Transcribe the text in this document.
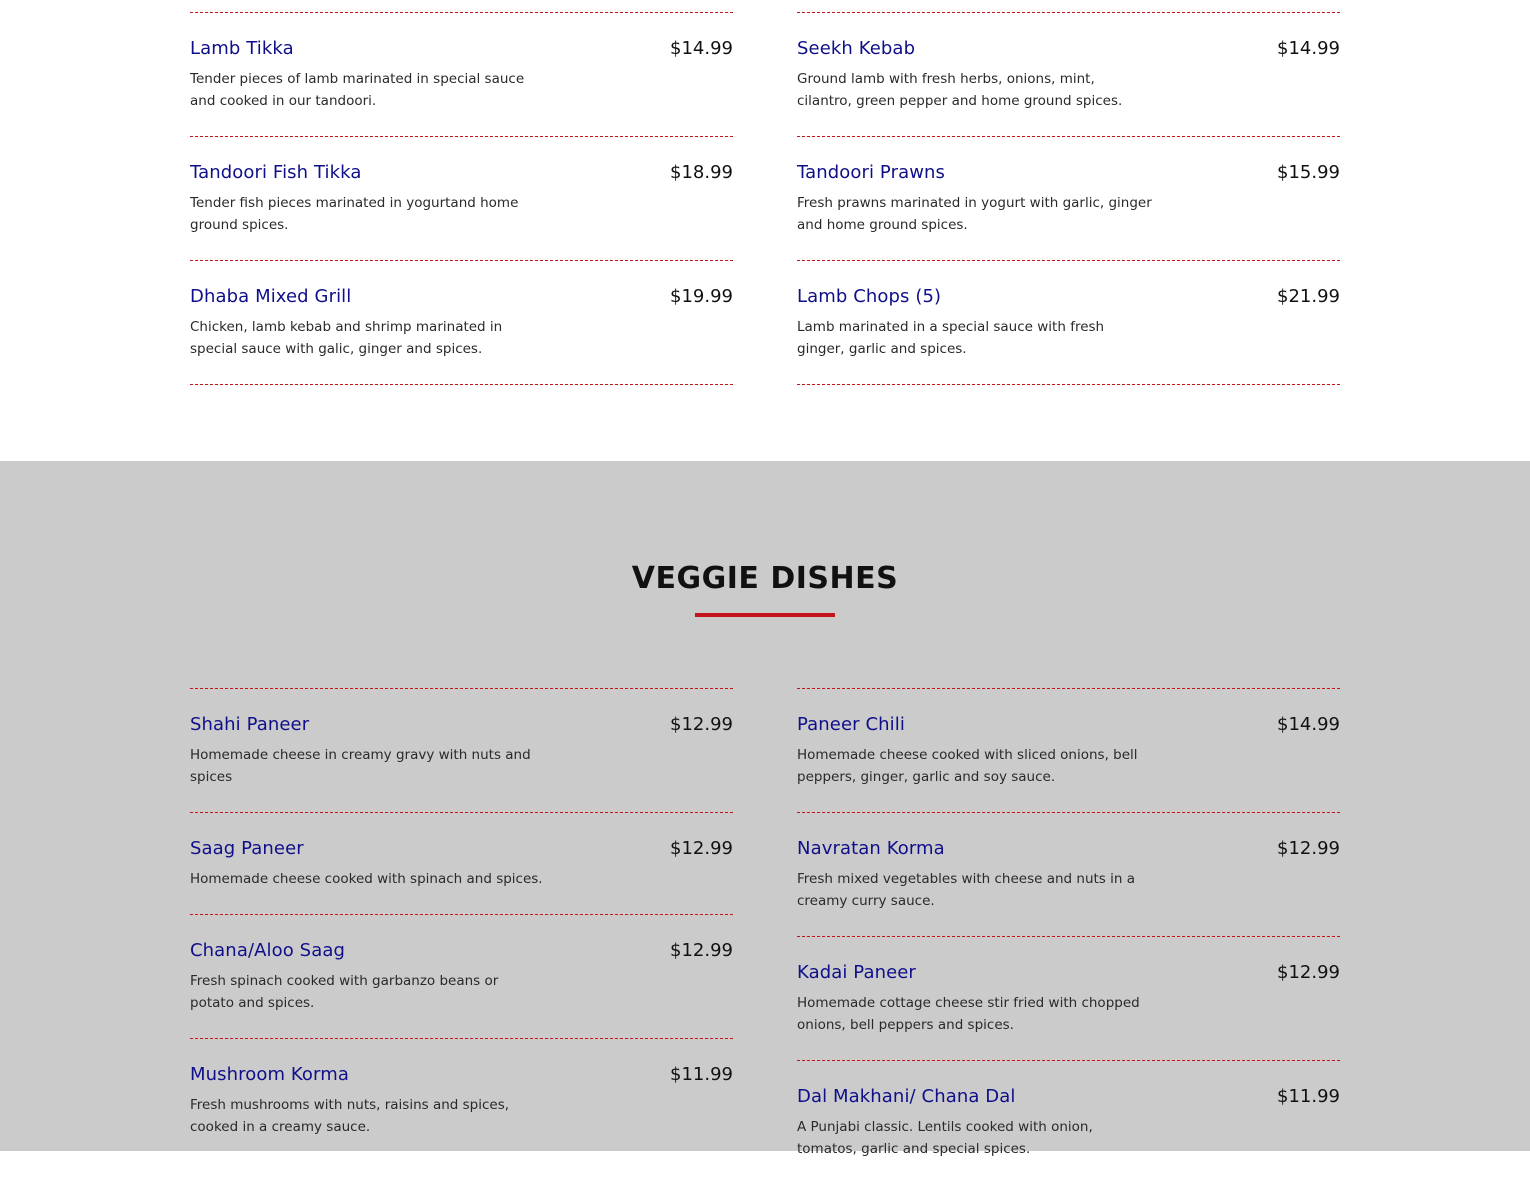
Lamb Tikka	$14.99
Tender pieces of lamb marinated in special sauce and cooked in our tandoori.
Tandoori Fish Tikka	$18.99
Tender fish pieces marinated in yogurtand home ground spices.
Dhaba Mixed Grill	$19.99
Chicken, lamb kebab and shrimp marinated in special sauce with galic, ginger and spices.
Seekh Kebab	$14.99
Ground lamb with fresh herbs, onions, mint, cilantro, green pepper and home ground spices.
Tandoori Prawns	$15.99
Fresh prawns marinated in yogurt with garlic, ginger and home ground spices.
Lamb Chops (5)	$21.99
Lamb marinated in a special sauce with fresh ginger, garlic and spices.
VEGGIE DISHES
Shahi Paneer	$12.99
Homemade cheese in creamy gravy with nuts and spices
Saag Paneer	$12.99
Homemade cheese cooked with spinach and spices.
Chana/Aloo Saag	$12.99
Fresh spinach cooked with garbanzo beans or potato and spices.
Mushroom Korma	$11.99
Fresh mushrooms with nuts, raisins and spices, cooked in a creamy sauce.
Paneer Chili	$14.99
Homemade cheese cooked with sliced onions, bell peppers, ginger, garlic and soy sauce.
Navratan Korma	$12.99
Fresh mixed vegetables with cheese and nuts in a creamy curry sauce.
Kadai Paneer	$12.99
Homemade cottage cheese stir fried with chopped onions, bell peppers and spices.
Dal Makhani/ Chana Dal	$11.99
A Punjabi classic. Lentils cooked with onion, tomatos, garlic and special spices.
